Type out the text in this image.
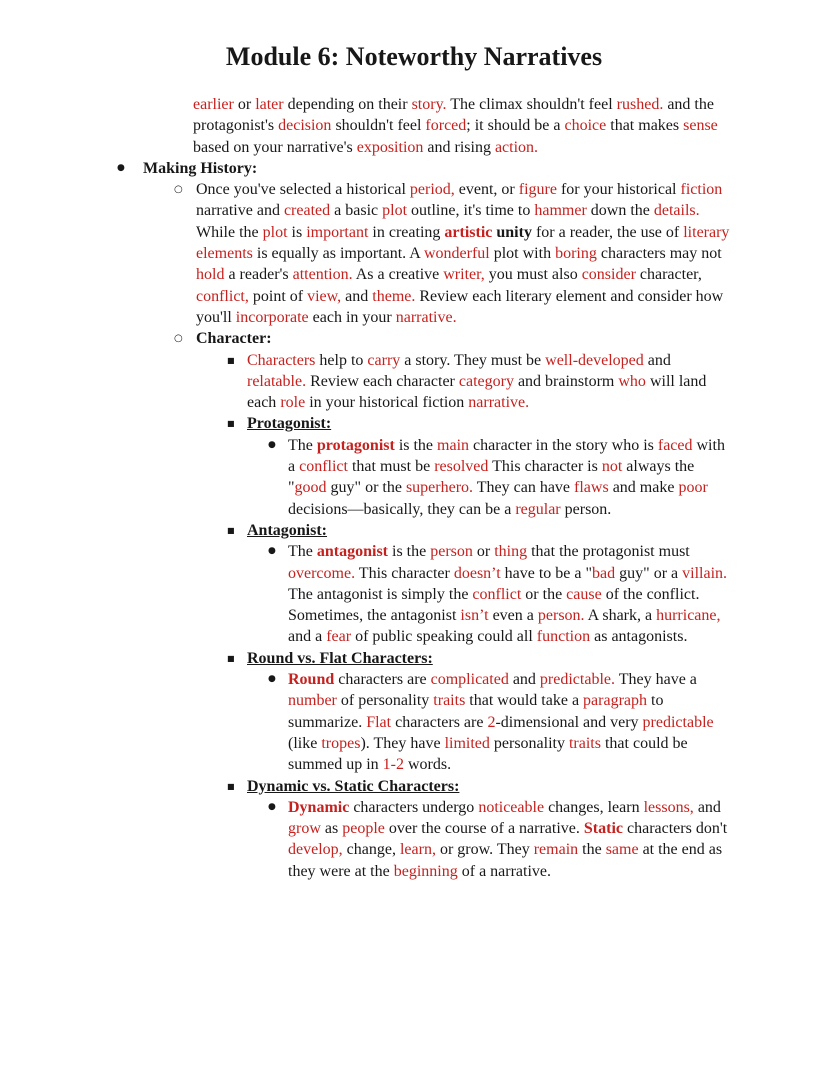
Module 6: Noteworthy Narratives

earlier or later depending on their story. The climax shouldn't feel rushed. and the protagonist's decision shouldn't feel forced; it should be a choice that makes sense based on your narrative's exposition and rising action.

● Making History:
○ Once you've selected a historical period, event, or figure for your historical fiction narrative and created a basic plot outline, it's time to hammer down the details. While the plot is important in creating artistic unity for a reader, the use of literary elements is equally as important. A wonderful plot with boring characters may not hold a reader's attention. As a creative writer, you must also consider character, conflict, point of view, and theme. Review each literary element and consider how you'll incorporate each in your narrative.
○ Character:
■ Characters help to carry a story. They must be well-developed and relatable. Review each character category and brainstorm who will land each role in your historical fiction narrative.
■ Protagonist:
● The protagonist is the main character in the story who is faced with a conflict that must be resolved This character is not always the "good guy" or the superhero. They can have flaws and make poor decisions—basically, they can be a regular person.
■ Antagonist:
● The antagonist is the person or thing that the protagonist must overcome. This character doesn’t have to be a "bad guy" or a villain. The antagonist is simply the conflict or the cause of the conflict. Sometimes, the antagonist isn’t even a person. A shark, a hurricane, and a fear of public speaking could all function as antagonists.
■ Round vs. Flat Characters:
● Round characters are complicated and predictable. They have a number of personality traits that would take a paragraph to summarize. Flat characters are 2-dimensional and very predictable (like tropes). They have limited personality traits that could be summed up in 1-2 words.
■ Dynamic vs. Static Characters:
● Dynamic characters undergo noticeable changes, learn lessons, and grow as people over the course of a narrative. Static characters don't develop, change, learn, or grow. They remain the same at the end as they were at the beginning of a narrative.
